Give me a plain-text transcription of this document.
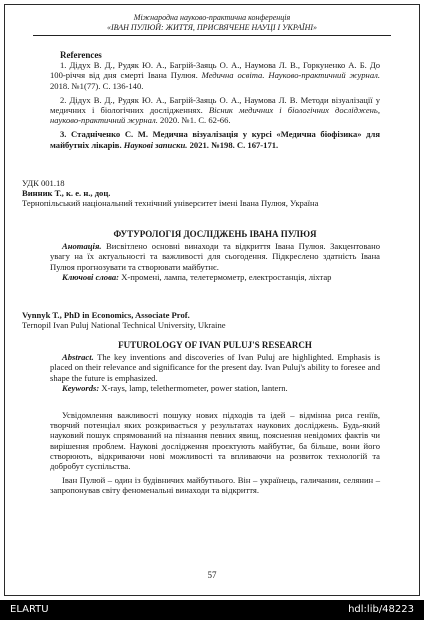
Міжнародна науково-практична конференція
«ІВАН ПУЛЮЙ: ЖИТТЯ, ПРИСВЯЧЕНЕ НАУЦІ І УКРАЇНІ»
References

1. Дідух В. Д., Рудяк Ю. А., Багрій-Заяць О. А., Наумова Л. В., Горкуненко А. Б. До 100-річчя від дня смерті Івана Пулюя. Медична освіта. Науково-практичний журнал. 2018. №1(77). С. 136-140.

2. Дідух В. Д., Рудяк Ю. А., Багрій-Заяць О. А., Наумова Л. В. Методи візуалізації у медичних і біологічних дослідженнях. Вісник медичних і біологічних досліджень, науково-практичний журнал. 2020. №1. С. 62-66.

3. Стадніченко С. М. Медична візуалізація у курсі «Медична біофізика» для майбутніх лікарів. Наукові записки. 2021. №198. С. 167-171.

УДК 001.18

Винник Т., к. е. н., доц.

Тернопільський національний технічний університет імені Івана Пулюя, Україна

ФУТУРОЛОГІЯ ДОСЛІДЖЕНЬ ІВАНА ПУЛЮЯ

Анотація. Висвітлено основні винаходи та відкриття Івана Пулюя. Закцентовано увагу на їх актуальності та важливості для сьогодення. Підкреслено здатність Івана Пулюя прогнозувати та створювати майбутнє.

Ключові слова: Х-промені, лампа, телетермометр, електростанція, ліхтар

Vynnyk T., PhD in Economics, Associate Prof.

Ternopil Ivan Puluj National Technical University, Ukraine

FUTUROLOGY OF IVAN PULUJ'S RESEARCH

Abstract. The key inventions and discoveries of Ivan Puluj are highlighted. Emphasis is placed on their relevance and significance for the present day. Ivan Puluj's ability to foresee and shape the future is emphasized.

Keywords: X-rays, lamp, telethermometer, power station, lantern.

Усвідомлення важливості пошуку нових підходів та ідей – відмінна риса геніїв, творчий потенціал яких розкривається у результатах наукових досліджень. Будь-який науковий пошук спрямований на пізнання певних явищ, пояснення невідомих фактів чи вирішення проблем. Наукові дослідження проєктують майбутнє, ба більше, вони його створюють, відкриваючи нові можливості та впливаючи на розвиток технологій та добробут суспільства.

Іван Пулюй – один із будівничих майбутнього. Він – українець, галичанин, селянин – запропонував світу феноменальні винаходи та відкриття.

57
ELARTU	hdl:lib/48223
